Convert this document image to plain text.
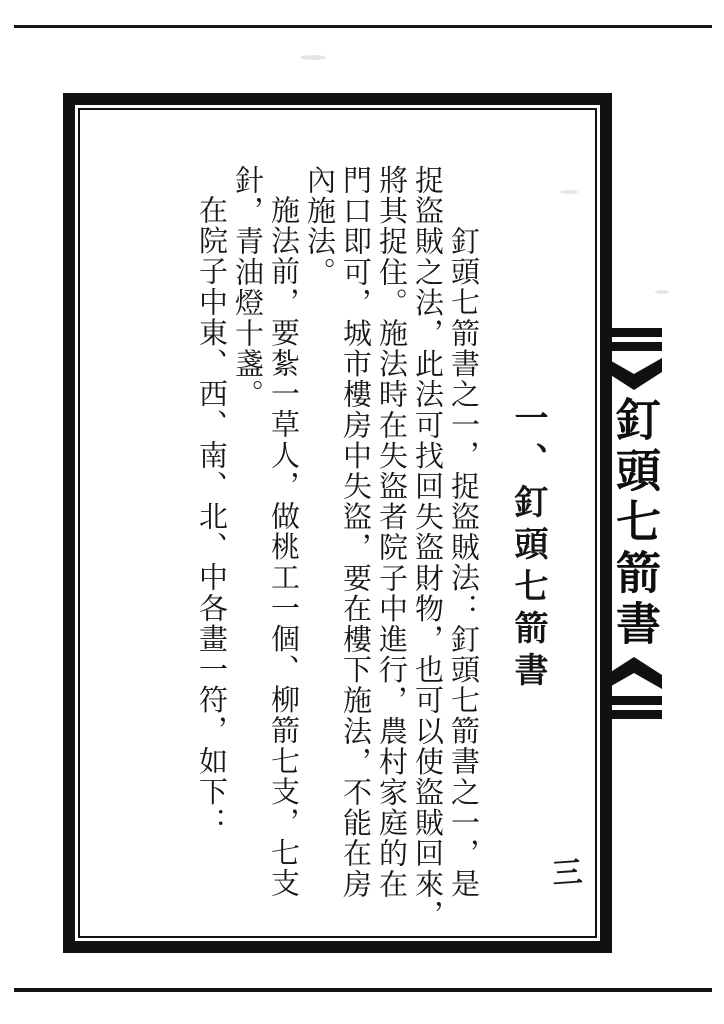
一、釘頭七箭書
釘頭七箭書之一，捉盜賊法：釘頭七箭書之一，是
捉盜賊之法，此法可找回失盜財物，也可以使盜賊回來，
將其捉住。施法時在失盜者院子中進行，農村家庭的在
門口即可，城市樓房中失盜，要在樓下施法，不能在房
內施法。
施法前，要紮一草人，做桃工一個、柳箭七支，七支
針，青油燈十盞。
在院子中東、西、南、北、中各畫一符，如下：	釘頭七箭書
三
